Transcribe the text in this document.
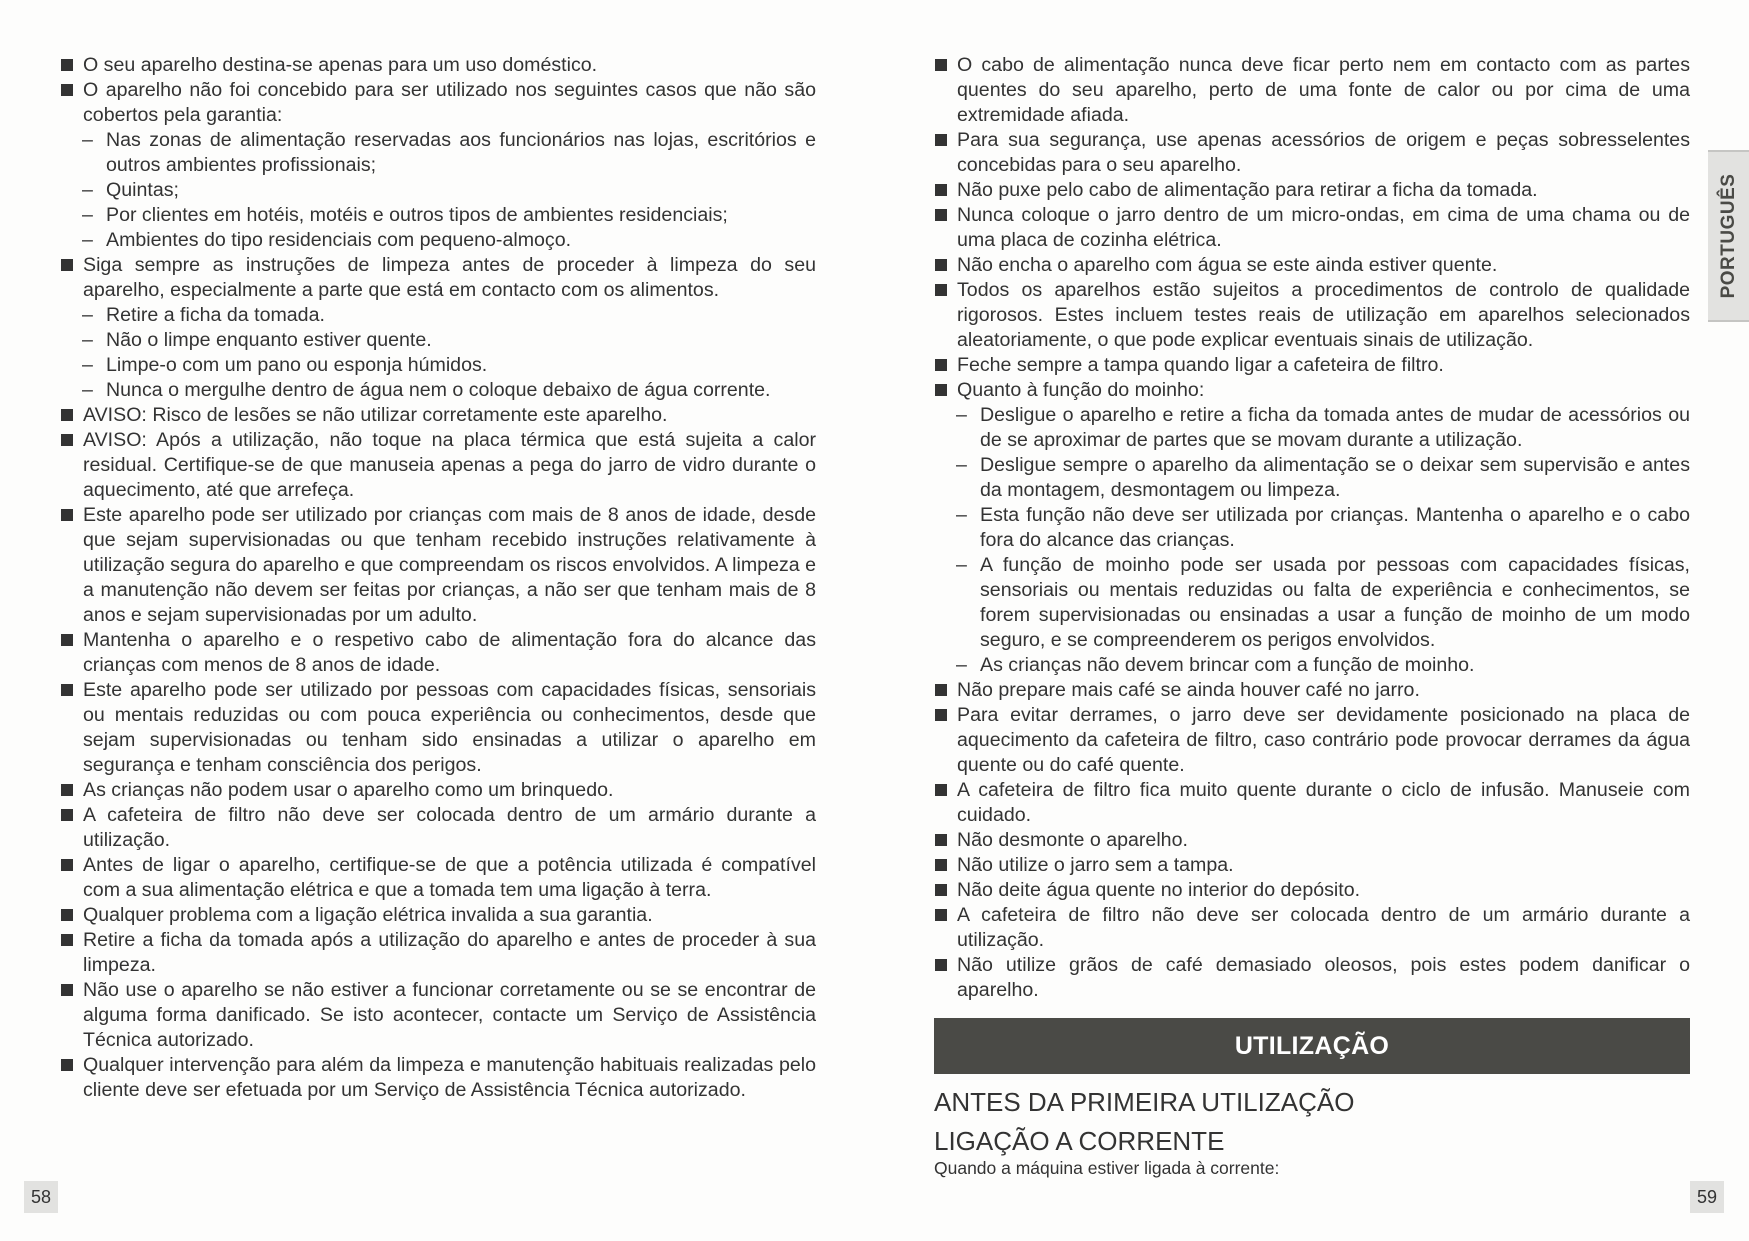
O seu aparelho destina-se apenas para um uso doméstico.
O aparelho não foi concebido para ser utilizado nos seguintes casos que não são cobertos pela garantia:
– Nas zonas de alimentação reservadas aos funcionários nas lojas, escritórios e outros ambientes profissionais;
– Quintas;
– Por clientes em hotéis, motéis e outros tipos de ambientes residenciais;
– Ambientes do tipo residenciais com pequeno-almoço.
Siga sempre as instruções de limpeza antes de proceder à limpeza do seu aparelho, especialmente a parte que está em contacto com os alimentos.
– Retire a ficha da tomada.
– Não o limpe enquanto estiver quente.
– Limpe-o com um pano ou esponja húmidos.
– Nunca o mergulhe dentro de água nem o coloque debaixo de água corrente.
AVISO: Risco de lesões se não utilizar corretamente este aparelho.
AVISO: Após a utilização, não toque na placa térmica que está sujeita a calor residual. Certifique-se de que manuseia apenas a pega do jarro de vidro durante o aquecimento, até que arrefeça.
Este aparelho pode ser utilizado por crianças com mais de 8 anos de idade, desde que sejam supervisionadas ou que tenham recebido instruções relativamente à utilização segura do aparelho e que compreendam os riscos envolvidos. A limpeza e a manutenção não devem ser feitas por crianças, a não ser que tenham mais de 8 anos e sejam supervisionadas por um adulto.
Mantenha o aparelho e o respetivo cabo de alimentação fora do alcance das crianças com menos de 8 anos de idade.
Este aparelho pode ser utilizado por pessoas com capacidades físicas, sensoriais ou mentais reduzidas ou com pouca experiência ou conhecimentos, desde que sejam supervisionadas ou tenham sido ensinadas a utilizar o aparelho em segurança e tenham consciência dos perigos.
As crianças não podem usar o aparelho como um brinquedo.
A cafeteira de filtro não deve ser colocada dentro de um armário durante a utilização.
Antes de ligar o aparelho, certifique-se de que a potência utilizada é compatível com a sua alimentação elétrica e que a tomada tem uma ligação à terra.
Qualquer problema com a ligação elétrica invalida a sua garantia.
Retire a ficha da tomada após a utilização do aparelho e antes de proceder à sua limpeza.
Não use o aparelho se não estiver a funcionar corretamente ou se se encontrar de alguma forma danificado. Se isto acontecer, contacte um Serviço de Assistência Técnica autorizado.
Qualquer intervenção para além da limpeza e manutenção habituais realizadas pelo cliente deve ser efetuada por um Serviço de Assistência Técnica autorizado.
O cabo de alimentação nunca deve ficar perto nem em contacto com as partes quentes do seu aparelho, perto de uma fonte de calor ou por cima de uma extremidade afiada.
Para sua segurança, use apenas acessórios de origem e peças sobresselentes concebidas para o seu aparelho.
Não puxe pelo cabo de alimentação para retirar a ficha da tomada.
Nunca coloque o jarro dentro de um micro-ondas, em cima de uma chama ou de uma placa de cozinha elétrica.
Não encha o aparelho com água se este ainda estiver quente.
Todos os aparelhos estão sujeitos a procedimentos de controlo de qualidade rigorosos. Estes incluem testes reais de utilização em aparelhos selecionados aleatoriamente, o que pode explicar eventuais sinais de utilização.
Feche sempre a tampa quando ligar a cafeteira de filtro.
Quanto à função do moinho:
– Desligue o aparelho e retire a ficha da tomada antes de mudar de acessórios ou de se aproximar de partes que se movam durante a utilização.
– Desligue sempre o aparelho da alimentação se o deixar sem supervisão e antes da montagem, desmontagem ou limpeza.
– Esta função não deve ser utilizada por crianças. Mantenha o aparelho e o cabo fora do alcance das crianças.
– A função de moinho pode ser usada por pessoas com capacidades físicas, sensoriais ou mentais reduzidas ou falta de experiência e conhecimentos, se forem supervisionadas ou ensinadas a usar a função de moinho de um modo seguro, e se compreenderem os perigos envolvidos.
– As crianças não devem brincar com a função de moinho.
Não prepare mais café se ainda houver café no jarro.
Para evitar derrames, o jarro deve ser devidamente posicionado na placa de aquecimento da cafeteira de filtro, caso contrário pode provocar derrames da água quente ou do café quente.
A cafeteira de filtro fica muito quente durante o ciclo de infusão. Manuseie com cuidado.
Não desmonte o aparelho.
Não utilize o jarro sem a tampa.
Não deite água quente no interior do depósito.
A cafeteira de filtro não deve ser colocada dentro de um armário durante a utilização.
Não utilize grãos de café demasiado oleosos, pois estes podem danificar o aparelho.
UTILIZAÇÃO
ANTES DA PRIMEIRA UTILIZAÇÃO
LIGAÇÃO A CORRENTE
Quando a máquina estiver ligada à corrente:
PORTUGUÊS
58	59
